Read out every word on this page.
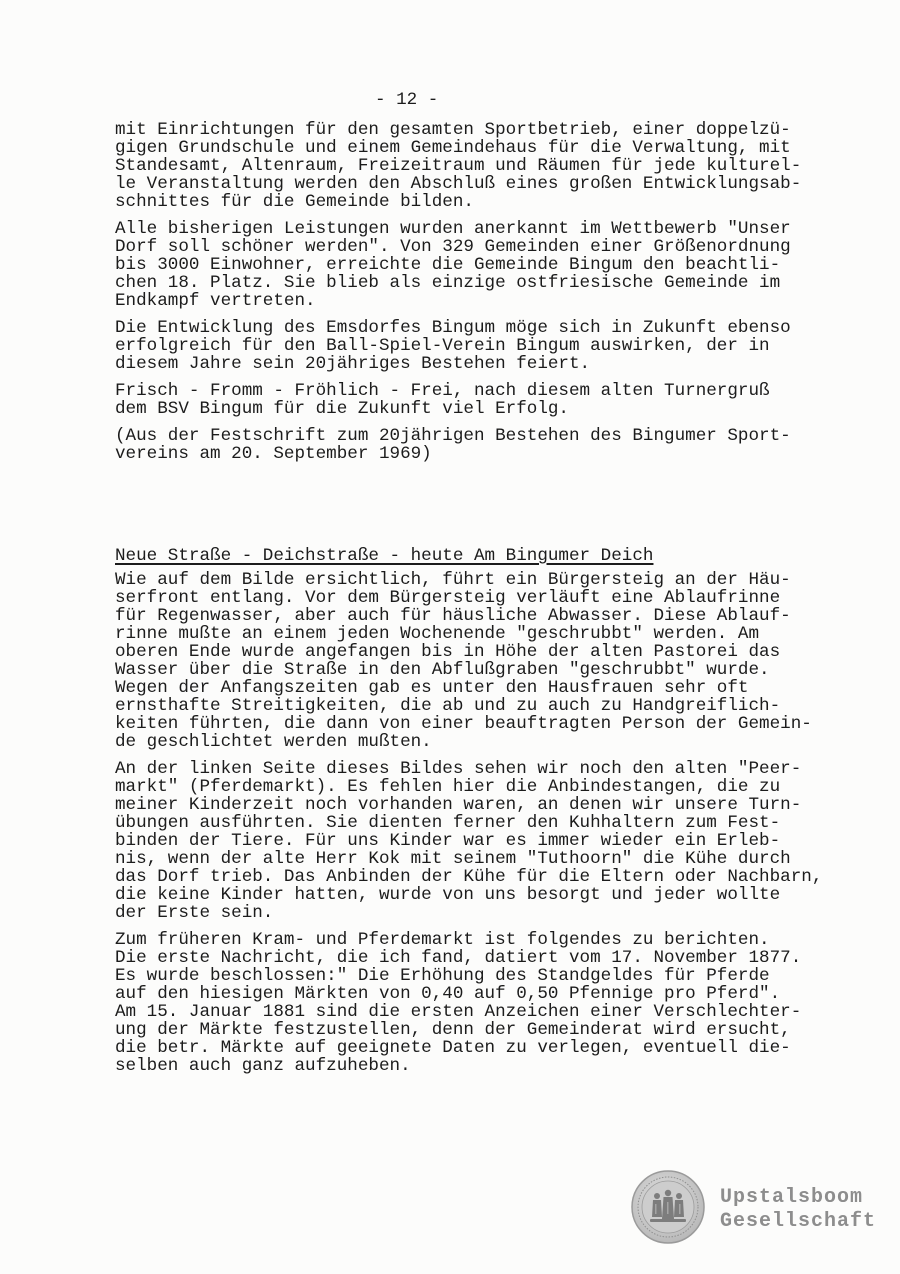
- 12 -
mit Einrichtungen für den gesamten Sportbetrieb, einer doppelzü-
gigen Grundschule und einem Gemeindehaus für die Verwaltung, mit
Standesamt, Altenraum, Freizeitraum und Räumen für jede kulturel-
le Veranstaltung werden den Abschluß eines großen Entwicklungsab-
schnittes für die Gemeinde bilden.
Alle bisherigen Leistungen wurden anerkannt im Wettbewerb "Unser
Dorf soll schöner werden". Von 329 Gemeinden einer Größenordnung
bis 3000 Einwohner, erreichte die Gemeinde Bingum den beachtli-
chen 18. Platz. Sie blieb als einzige ostfriesische Gemeinde im
Endkampf vertreten.
Die Entwicklung des Emsdorfes Bingum möge sich in Zukunft ebenso
erfolgreich für den Ball-Spiel-Verein Bingum auswirken, der in
diesem Jahre sein 20jähriges Bestehen feiert.
Frisch - Fromm - Fröhlich - Frei, nach diesem alten Turnergruß
dem BSV Bingum für die Zukunft viel Erfolg.
(Aus der Festschrift zum 20jährigen Bestehen des Bingumer Sport-
vereins am 20. September 1969)
Neue Straße - Deichstraße - heute Am Bingumer Deich
Wie auf dem Bilde ersichtlich, führt ein Bürgersteig an der Häu-
serfront entlang. Vor dem Bürgersteig verläuft eine Ablaufrinne
für Regenwasser, aber auch für häusliche Abwasser. Diese Ablauf-
rinne mußte an einem jeden Wochenende "geschrubbt" werden. Am
oberen Ende wurde angefangen bis in Höhe der alten Pastorei das
Wasser über die Straße in den Abflußgraben "geschrubbt" wurde.
Wegen der Anfangszeiten gab es unter den Hausfrauen sehr oft
ernsthafte Streitigkeiten, die ab und zu auch zu Handgreiflich-
keiten führten, die dann von einer beauftragten Person der Gemein-
de geschlichtet werden mußten.
An der linken Seite dieses Bildes sehen wir noch den alten "Peer-
markt" (Pferdemarkt). Es fehlen hier die Anbindestangen, die zu
meiner Kinderzeit noch vorhanden waren, an denen wir unsere Turn-
übungen ausführten. Sie dienten ferner den Kuhhaltern zum Fest-
binden der Tiere. Für uns Kinder war es immer wieder ein Erleb-
nis, wenn der alte Herr Kok mit seinem "Tuthoorn" die Kühe durch
das Dorf trieb. Das Anbinden der Kühe für die Eltern oder Nachbarn,
die keine Kinder hatten, wurde von uns besorgt und jeder wollte
der Erste sein.
Zum früheren Kram- und Pferdemarkt ist folgendes zu berichten.
Die erste Nachricht, die ich fand, datiert vom 17. November 1877.
Es wurde beschlossen:" Die Erhöhung des Standgeldes für Pferde
auf den hiesigen Märkten von 0,40 auf 0,50 Pfennige pro Pferd".
Am 15. Januar 1881 sind die ersten Anzeichen einer Verschlechter-
ung der Märkte festzustellen, denn der Gemeinderat wird ersucht,
die betr. Märkte auf geeignete Daten zu verlegen, eventuell die-
selben auch ganz aufzuheben.
Upstalsboom
Gesellschaft
